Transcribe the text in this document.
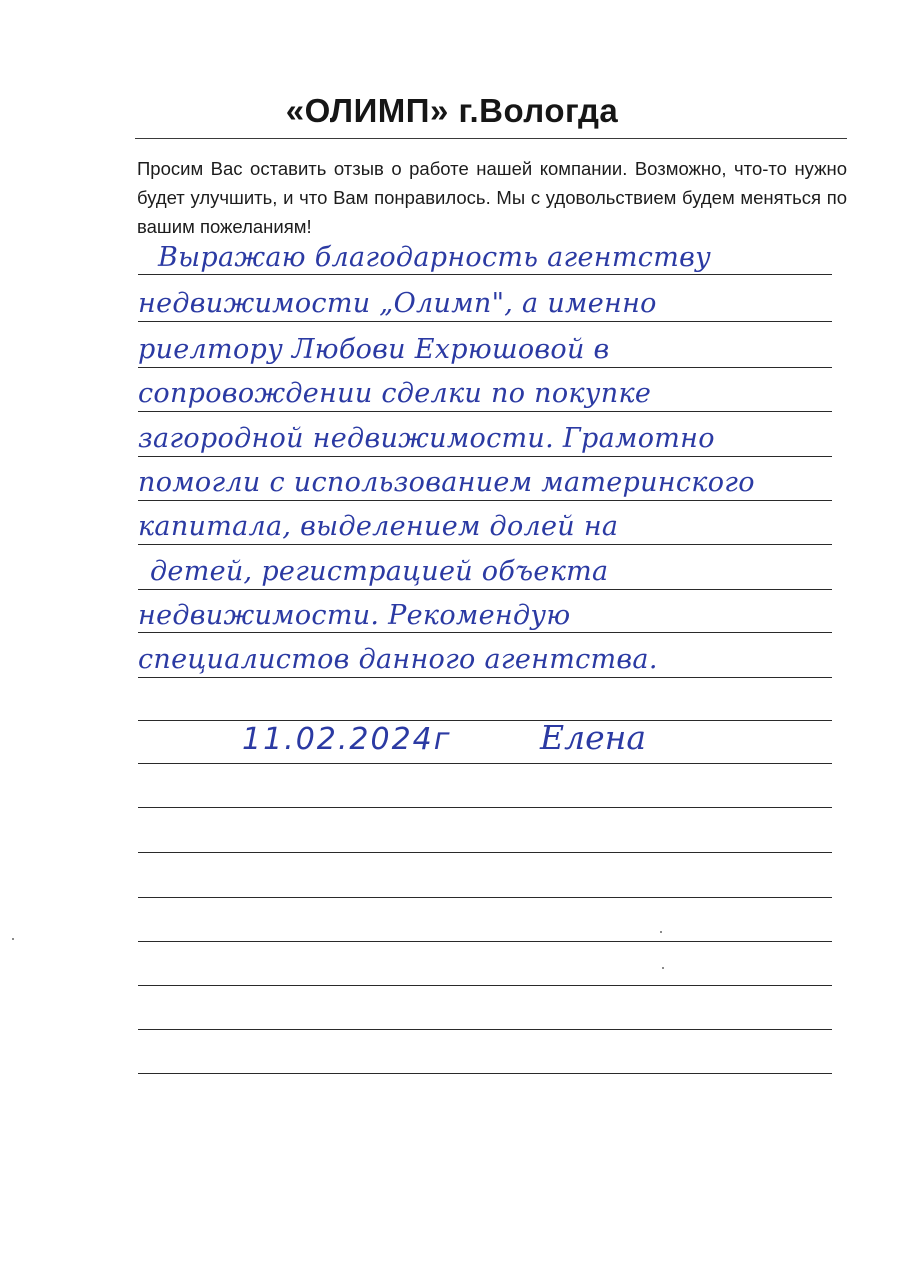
«ОЛИМП» г.Вологда
Просим Вас оставить отзыв о работе нашей компании. Возможно, что-то нужно будет улучшить, и что Вам понравилось. Мы с удовольствием будем меняться по вашим пожеланиям!
Выражаю благодарность агентству
недвижимости „Олимп", а именно
риелтору Любови Ехрюшовой в
сопровождении сделки по покупке
загородной недвижимости. Грамотно
помогли с использованием материнского
капитала, выделением долей на
детей, регистрацией объекта
недвижимости. Рекомендую
специалистов данного агентства.
11.02.2024г	Елена
